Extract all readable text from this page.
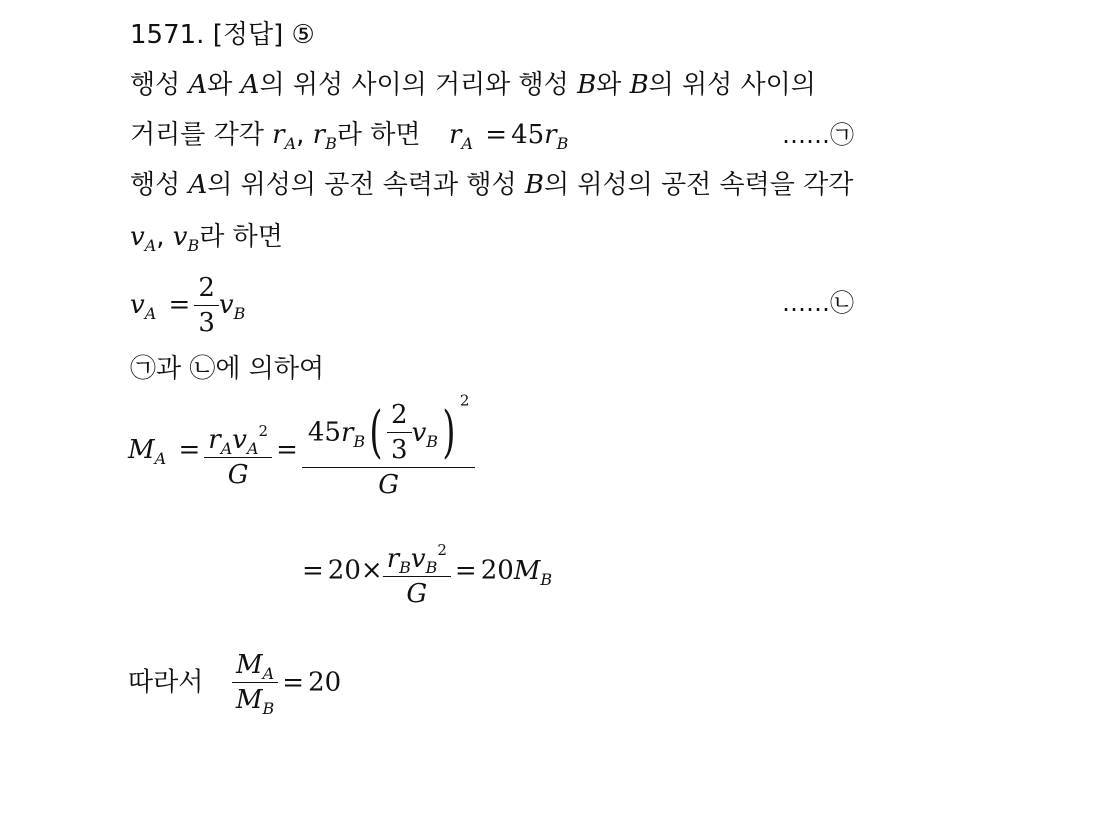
1571. [정답] ⑤
행성 A와 A의 위성 사이의 거리와 행성 B와 B의 위성 사이의
거리를 각각 $r_A$, $r_B$라 하면 $r_A = 45r_B$	……㉠
행성 A의 위성의 공전 속력과 행성 B의 위성의 공전 속력을 각각
$v_A$, $v_B$라 하면
$v_A = \frac{2}{3} v_B$	……㉡
㉠과 ㉡에 의하여
$M_A = \frac{r_Av_A^2}{G} = \frac{45r_B( \frac{2}{3} v_B) ^2}{G}$
= $20\times \frac{r_Bv_B^2}{G} = 20M_B$
따라서 $\frac{M_A}{M_B} = 20$
